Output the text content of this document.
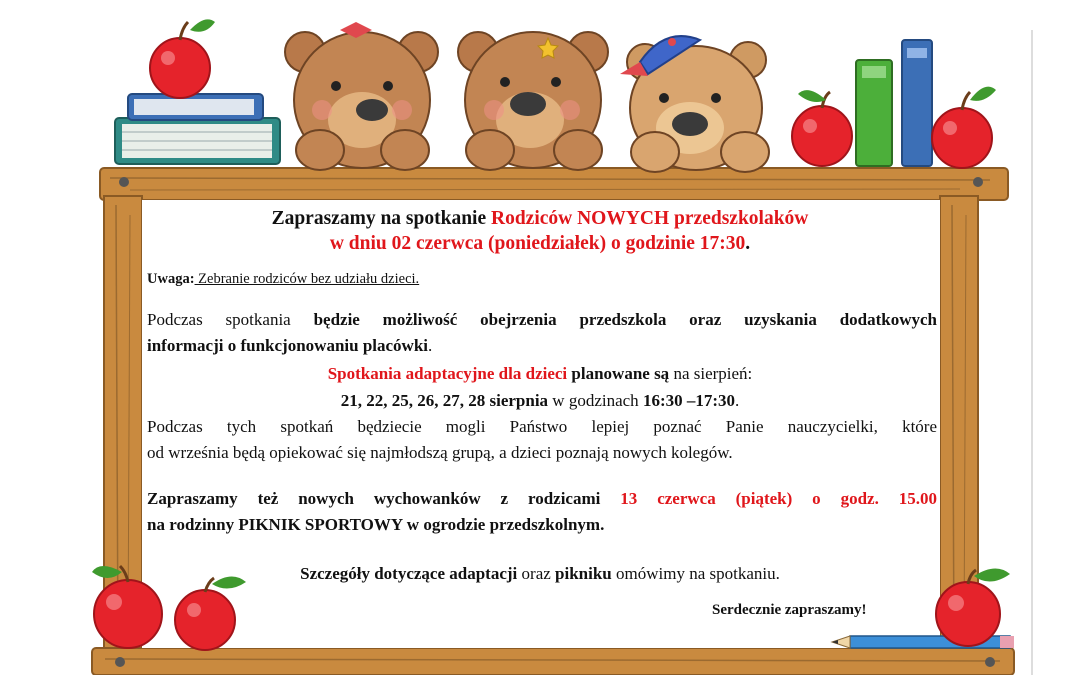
Zapraszamy na spotkanie Rodziców NOWYCH przedszkolaków
w dniu 02 czerwca (poniedziałek) o godzinie 17:30.
Uwaga: Zebranie rodziców bez udziału dzieci.
Podczas spotkania będzie możliwość obejrzenia przedszkola oraz uzyskania dodatkowych
informacji o funkcjonowaniu placówki.
Spotkania adaptacyjne dla dzieci planowane są na sierpień:
21, 22, 25, 26, 27, 28 sierpnia w godzinach 16:30 –17:30.
Podczas tych spotkań będziecie mogli Państwo lepiej poznać Panie nauczycielki, które
od września będą opiekować się najmłodszą grupą, a dzieci poznają nowych kolegów.
Zapraszamy też nowych wychowanków z rodzicami 13 czerwca (piątek) o godz. 15.00
na rodzinny PIKNIK SPORTOWY w ogrodzie przedszkolnym.
Szczegóły dotyczące adaptacji oraz pikniku omówimy na spotkaniu.
Serdecznie zapraszamy!
